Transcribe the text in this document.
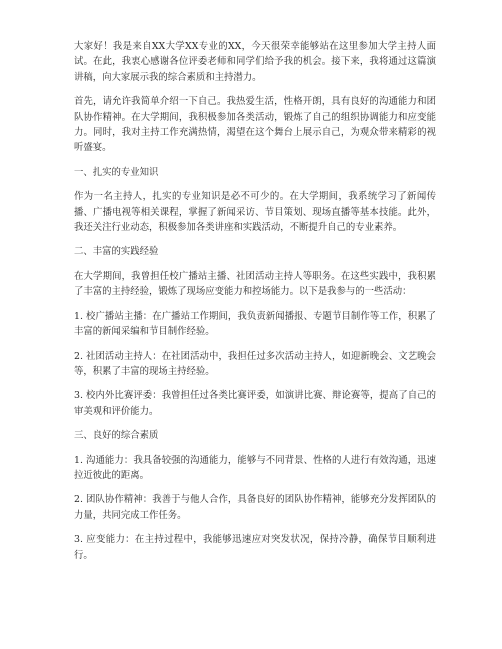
大家好！我是来自XX大学XX专业的XX，今天很荣幸能够站在这里参加大学主持人面试。在此，我衷心感谢各位评委老师和同学们给予我的机会。接下来，我将通过这篇演讲稿，向大家展示我的综合素质和主持潜力。

首先，请允许我简单介绍一下自己。我热爱生活，性格开朗，具有良好的沟通能力和团队协作精神。在大学期间，我积极参加各类活动，锻炼了自己的组织协调能力和应变能力。同时，我对主持工作充满热情，渴望在这个舞台上展示自己，为观众带来精彩的视听盛宴。

一、扎实的专业知识

作为一名主持人，扎实的专业知识是必不可少的。在大学期间，我系统学习了新闻传播、广播电视等相关课程，掌握了新闻采访、节目策划、现场直播等基本技能。此外，我还关注行业动态，积极参加各类讲座和实践活动，不断提升自己的专业素养。

二、丰富的实践经验

在大学期间，我曾担任校广播站主播、社团活动主持人等职务。在这些实践中，我积累了丰富的主持经验，锻炼了现场应变能力和控场能力。以下是我参与的一些活动：

1. 校广播站主播：在广播站工作期间，我负责新闻播报、专题节目制作等工作，积累了丰富的新闻采编和节目制作经验。

2. 社团活动主持人：在社团活动中，我担任过多次活动主持人，如迎新晚会、文艺晚会等，积累了丰富的现场主持经验。

3. 校内外比赛评委：我曾担任过各类比赛评委，如演讲比赛、辩论赛等，提高了自己的审美观和评价能力。

三、良好的综合素质

1. 沟通能力：我具备较强的沟通能力，能够与不同背景、性格的人进行有效沟通，迅速拉近彼此的距离。

2. 团队协作精神：我善于与他人合作，具备良好的团队协作精神，能够充分发挥团队的力量，共同完成工作任务。

3. 应变能力：在主持过程中，我能够迅速应对突发状况，保持冷静，确保节目顺利进行。
